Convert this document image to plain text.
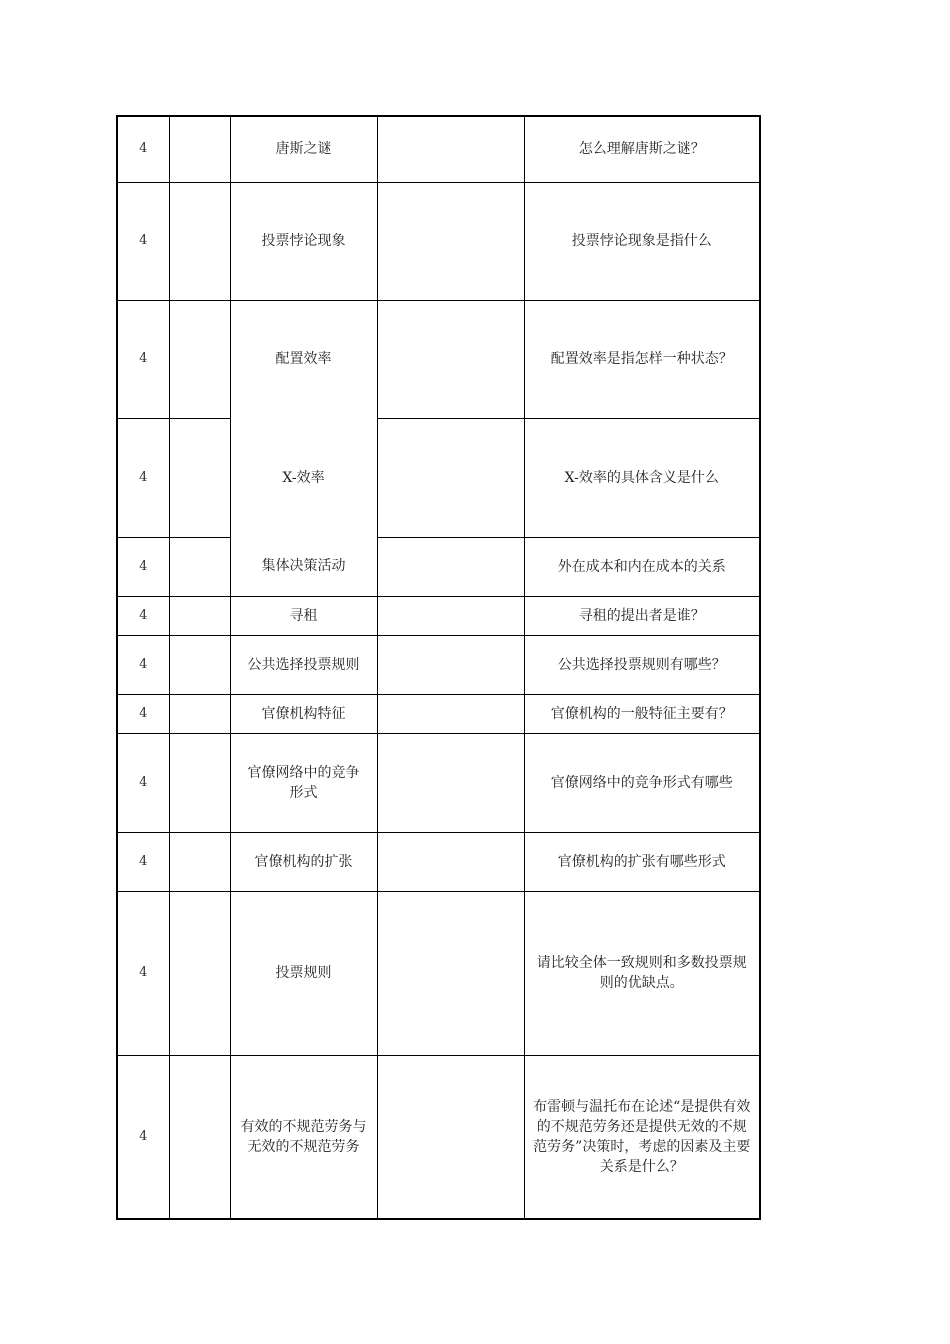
4		唐斯之谜		怎么理解唐斯之谜？
4		投票悖论现象		投票悖论现象是指什么
4		配置效率		配置效率是指怎样一种状态？
4		X-效率		X-效率的具体含义是什么
4		集体决策活动		外在成本和内在成本的关系
4		寻租		寻租的提出者是谁？
4		公共选择投票规则		公共选择投票规则有哪些？
4		官僚机构特征		官僚机构的一般特征主要有？
4		官僚网络中的竞争形式		官僚网络中的竞争形式有哪些
4		官僚机构的扩张		官僚机构的扩张有哪些形式
4		投票规则		请比较全体一致规则和多数投票规则的优缺点。
4		有效的不规范劳务与无效的不规范劳务		布雷顿与温托布在论述“是提供有效的不规范劳务还是提供无效的不规范劳务”决策时，考虑的因素及主要关系是什么？
